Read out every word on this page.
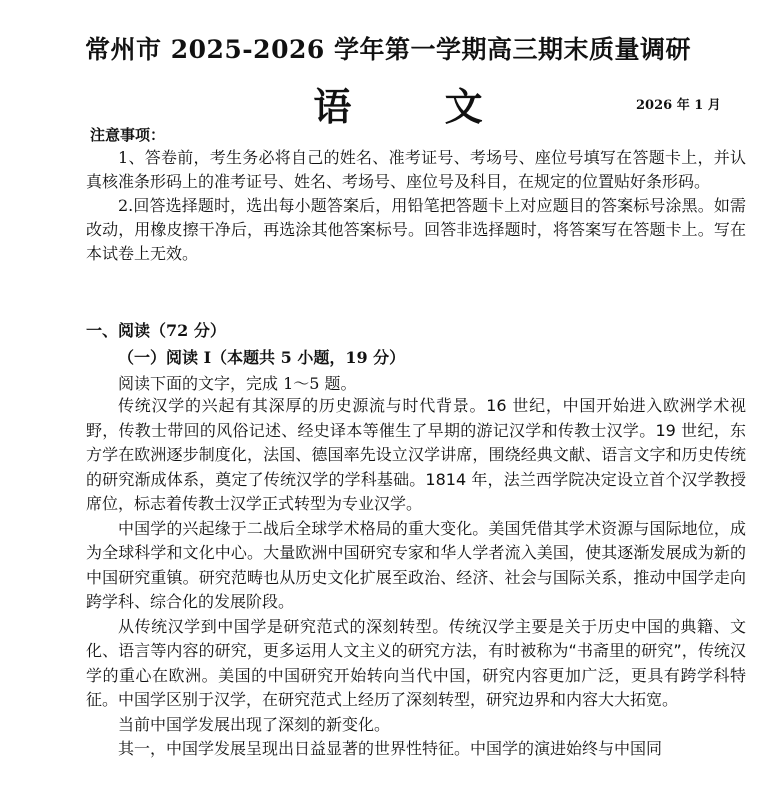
常州市 2025-2026 学年第一学期高三期末质量调研
语 文	2026 年 1 月
注意事项：

1、答卷前，考生务必将自己的姓名、准考证号、考场号、座位号填写在答题卡上，并认真核准条形码上的准考证号、姓名、考场号、座位号及科目，在规定的位置贴好条形码。

2.回答选择题时，选出每小题答案后，用铅笔把答题卡上对应题目的答案标号涂黑。如需改动，用橡皮擦干净后，再选涂其他答案标号。回答非选择题时，将答案写在答题卡上。写在本试卷上无效。

一、阅读（72 分）
（一）阅读 I（本题共 5 小题，19 分）
阅读下面的文字，完成 1～5 题。

传统汉学的兴起有其深厚的历史源流与时代背景。16 世纪，中国开始进入欧洲学术视野，传教士带回的风俗记述、经史译本等催生了早期的游记汉学和传教士汉学。19 世纪，东方学在欧洲逐步制度化，法国、德国率先设立汉学讲席，围绕经典文献、语言文字和历史传统的研究渐成体系，奠定了传统汉学的学科基础。1814 年，法兰西学院决定设立首个汉学教授席位，标志着传教士汉学正式转型为专业汉学。

中国学的兴起缘于二战后全球学术格局的重大变化。美国凭借其学术资源与国际地位，成为全球科学和文化中心。大量欧洲中国研究专家和华人学者流入美国，使其逐渐发展成为新的中国研究重镇。研究范畴也从历史文化扩展至政治、经济、社会与国际关系，推动中国学走向跨学科、综合化的发展阶段。

从传统汉学到中国学是研究范式的深刻转型。传统汉学主要是关于历史中国的典籍、文化、语言等内容的研究，更多运用人文主义的研究方法，有时被称为“书斋里的研究”，传统汉学的重心在欧洲。美国的中国研究开始转向当代中国，研究内容更加广泛，更具有跨学科特征。中国学区别于汉学，在研究范式上经历了深刻转型，研究边界和内容大大拓宽。

当前中国学发展出现了深刻的新变化。

其一，中国学发展呈现出日益显著的世界性特征。中国学的演进始终与中国同
